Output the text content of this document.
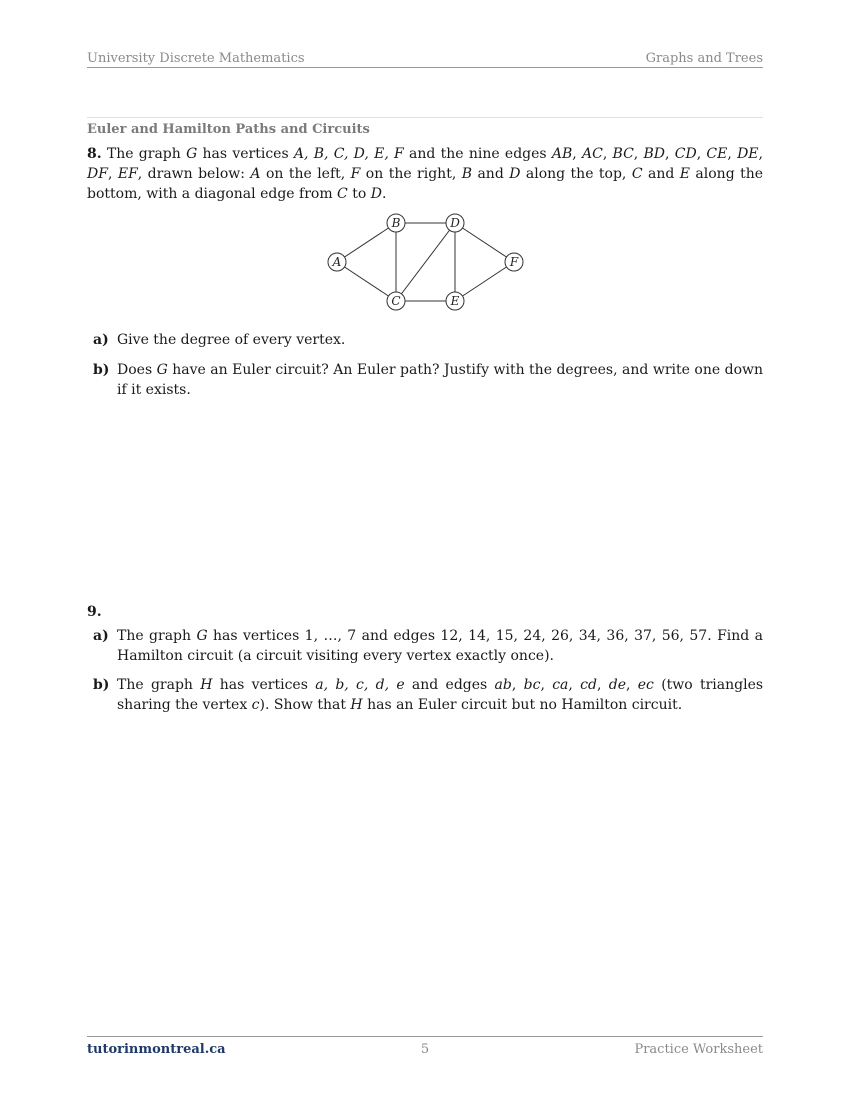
University Discrete Mathematics	Graphs and Trees
Euler and Hamilton Paths and Circuits
8. The graph G has vertices A, B, C, D, E, F and the nine edges AB, AC, BC, BD, CD, CE, DE, DF, EF, drawn below: A on the left, F on the right, B and D along the top, C and E along the bottom, with a diagonal edge from C to D.
A
B
C
D
E
F
a) Give the degree of every vertex.
b) Does G have an Euler circuit? An Euler path? Justify with the degrees, and write one down if it exists.
9.
a) The graph G has vertices 1, …, 7 and edges 12, 14, 15, 24, 26, 34, 36, 37, 56, 57. Find a Hamilton circuit (a circuit visiting every vertex exactly once).
b) The graph H has vertices a, b, c, d, e and edges ab, bc, ca, cd, de, ec (two triangles sharing the vertex c). Show that H has an Euler circuit but no Hamilton circuit.
tutorinmontreal.ca	5	Practice Worksheet
